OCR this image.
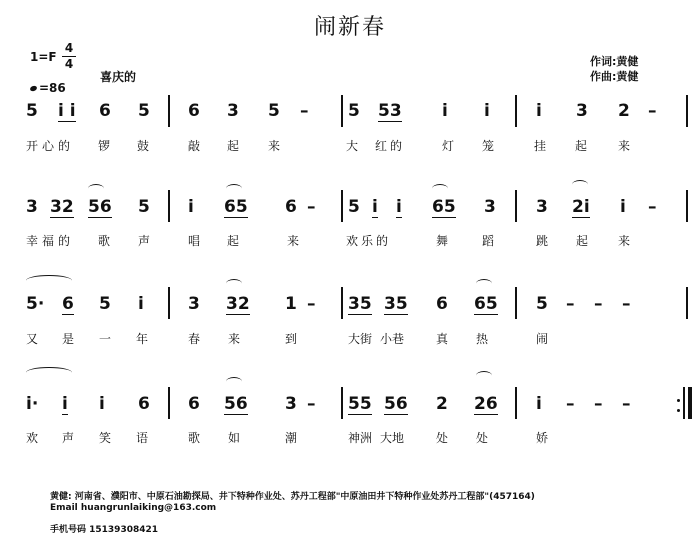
闹新春
1=F
4
4
=86
喜庆的
作词:黄健
作曲:黄健
5 i i 6 5 6 3 5 – 5 53 i i	i 3 2 –
开心的 锣 鼓	敲 起 来	大 红的	灯 笼	挂 起	来
3 32 56 5 i 65 6 – 5 i i 65 3 3 2i i –
幸福的 歌 声	唱 起	来	欢乐的	舞	蹈	跳 起 来
5· 6 5 i	3 32 1 – 35 35 6 65 5 – – –
又 是 一 年	春 来	到	大街 小巷	真 热	闹
i· i i 6 6 56 3 – 55 56 2 26 i – – –
欢 声 笑 语	歌 如	潮	神洲 大地	处 处	娇
黄健: 河南省、濮阳市、中原石油勘探局、井下特种作业处、苏丹工程部"中原油田井下特种作业处苏丹工程部"(457164)
Email huangrunlaiking@163.com
手机号码 15139308421
